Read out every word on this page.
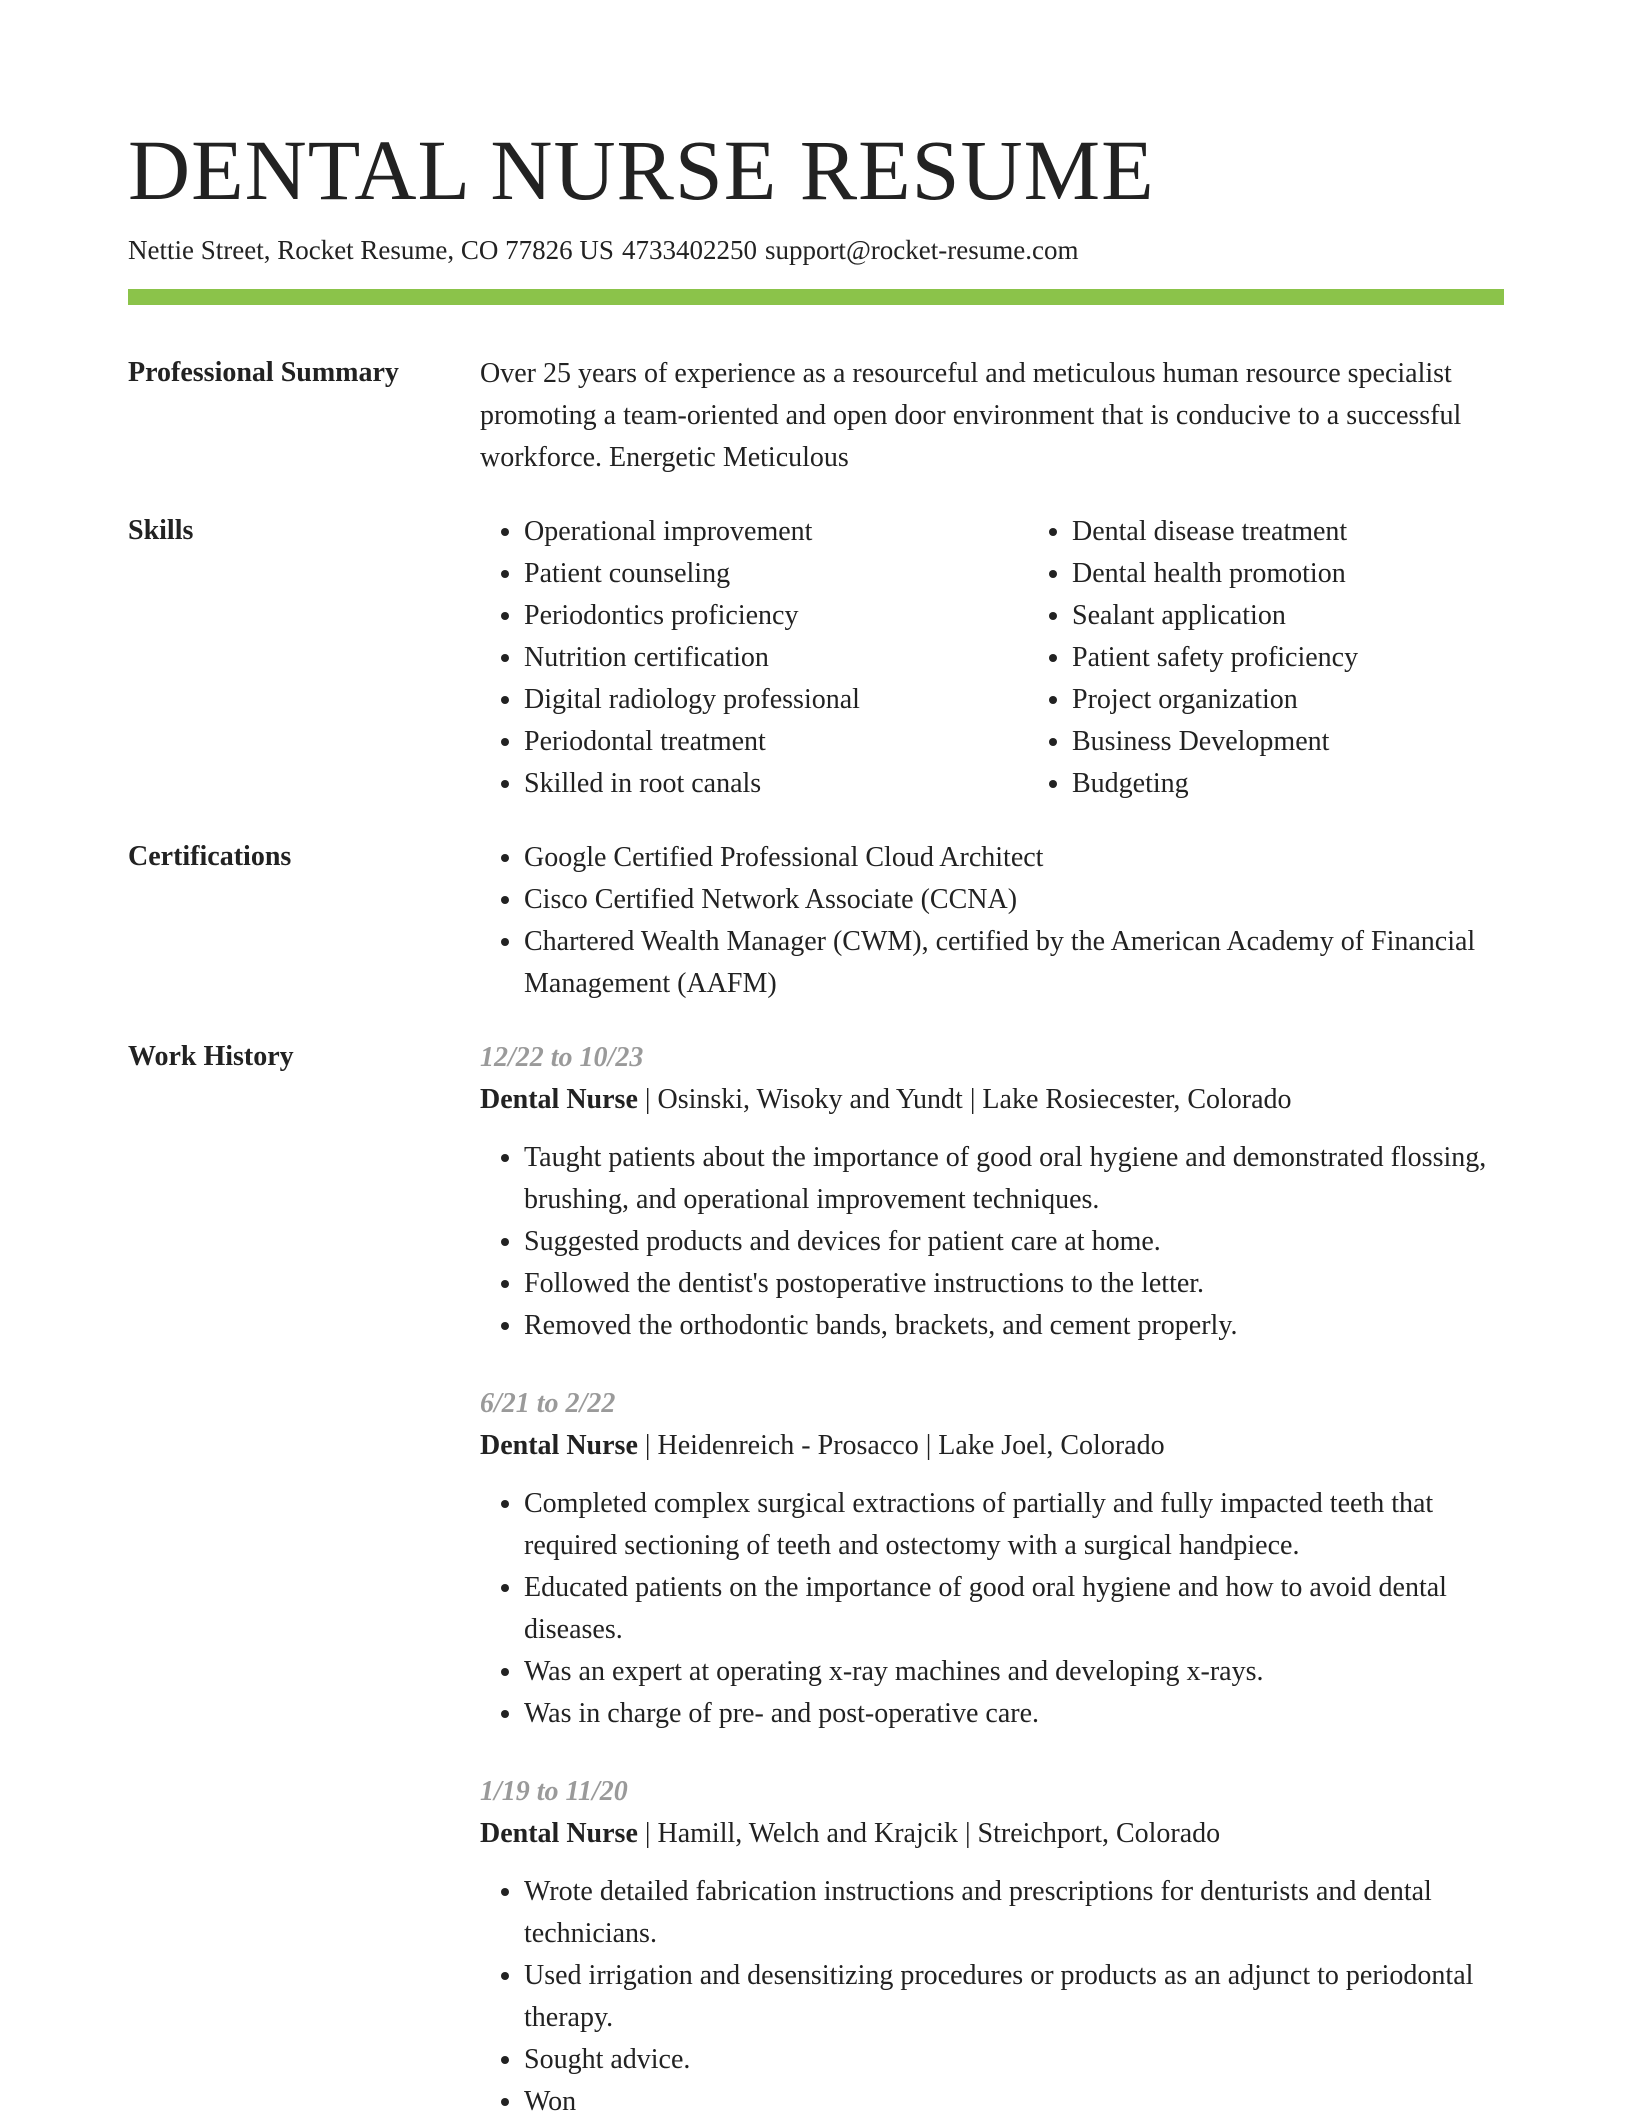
DENTAL NURSE RESUME
Nettie Street, Rocket Resume, CO 77826 US 4733402250 support@rocket-resume.com
Professional Summary	Over 25 years of experience as a resourceful and meticulous human resource specialist promoting a team-oriented and open door environment that is conducive to a successful workforce. Energetic Meticulous
Skills	• Operational improvement
• Patient counseling
• Periodontics proficiency
• Nutrition certification
• Digital radiology professional
• Periodontal treatment
• Skilled in root canals
• Dental disease treatment
• Dental health promotion
• Sealant application
• Patient safety proficiency
• Project organization
• Business Development
• Budgeting
Certifications	• Google Certified Professional Cloud Architect
• Cisco Certified Network Associate (CCNA)
• Chartered Wealth Manager (CWM), certified by the American Academy of Financial Management (AAFM)
Work History	12/22 to 10/23
Dental Nurse | Osinski, Wisoky and Yundt | Lake Rosiecester, Colorado
• Taught patients about the importance of good oral hygiene and demonstrated flossing, brushing, and operational improvement techniques.
• Suggested products and devices for patient care at home.
• Followed the dentist's postoperative instructions to the letter.
• Removed the orthodontic bands, brackets, and cement properly.
6/21 to 2/22
Dental Nurse | Heidenreich - Prosacco | Lake Joel, Colorado
• Completed complex surgical extractions of partially and fully impacted teeth that required sectioning of teeth and ostectomy with a surgical handpiece.
• Educated patients on the importance of good oral hygiene and how to avoid dental diseases.
• Was an expert at operating x-ray machines and developing x-rays.
• Was in charge of pre- and post-operative care.
1/19 to 11/20
Dental Nurse | Hamill, Welch and Krajcik | Streichport, Colorado
• Wrote detailed fabrication instructions and prescriptions for denturists and dental technicians.
• Used irrigation and desensitizing procedures or products as an adjunct to periodontal therapy.
• Sought advice.
• Won
